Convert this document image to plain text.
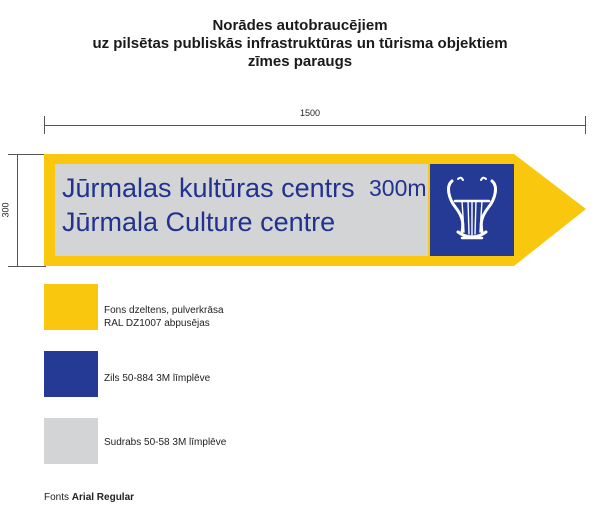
Norādes autobraucējiem
uz pilsētas publiskās infrastruktūras un tūrisma objektiem
zīmes paraugs
1500
300
Jūrmalas kultūras centrs
Jūrmala Culture centre
300m
Fons dzeltens, pulverkrāsa
RAL DZ1007 abpusējas
Zils 50-884 3M līmplēve
Sudrabs 50-58 3M līmplēve
Fonts Arial Regular
